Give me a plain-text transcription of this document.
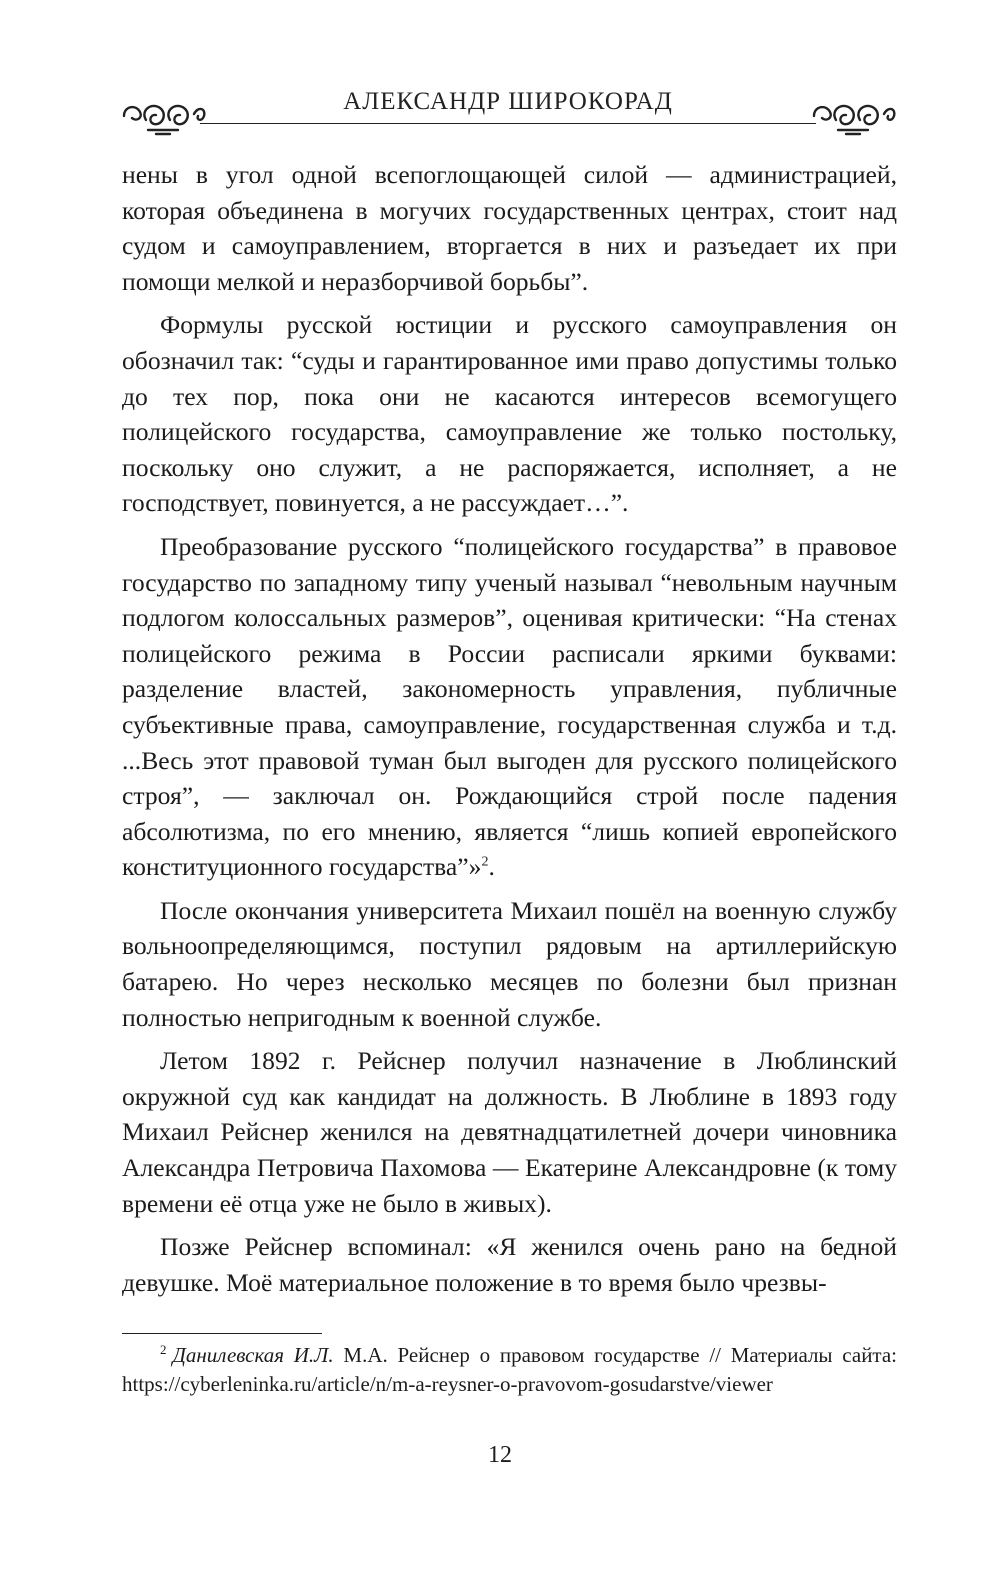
АЛЕКСАНДР ШИРОКОРАД

нены в угол одной всепоглощающей силой — администрацией, которая объединена в могучих государственных центрах, стоит над судом и самоуправлением, вторгается в них и разъедает их при помощи мелкой и неразборчивой борьбы”.

Формулы русской юстиции и русского самоуправления он обозначил так: “суды и гарантированное ими право допустимы только до тех пор, пока они не касаются интересов всемогущего полицейского государства, самоуправление же только постольку, поскольку оно служит, а не распоряжается, исполняет, а не господствует, повинуется, а не рассуждает…”.

Преобразование русского “полицейского государства” в правовое государство по западному типу ученый называл “невольным научным подлогом колоссальных размеров”, оценивая критически: “На стенах полицейского режима в России расписали яркими буквами: разделение властей, закономерность управления, публичные субъективные права, самоуправление, государственная служба и т.д. ...Весь этот правовой туман был выгоден для русского полицейского строя”, — заключал он. Рождающийся строй после падения абсолютизма, по его мнению, является “лишь копией европейского конституционного государства”»$^2$.

После окончания университета Михаил пошёл на военную службу вольноопределяющимся, поступил рядовым на артиллерийскую батарею. Но через несколько месяцев по болезни был признан полностью непригодным к военной службе.

Летом 1892 г. Рейснер получил назначение в Люблинский окружной суд как кандидат на должность. В Люблине в 1893 году Михаил Рейснер женился на девятнадцатилетней дочери чиновника Александра Петровича Пахомова — Екатерине Александровне (к тому времени её отца уже не было в живых).

Позже Рейснер вспоминал: «Я женился очень рано на бедной девушке. Моё материальное положение в то время было чрезвы-

$^2$ Данилевская И.Л. М.А. Рейснер о правовом государстве // Материалы сайта: https://cyberleninka.ru/article/n/m-a-reysner-o-pravovom-gosudarstve/viewer
12
